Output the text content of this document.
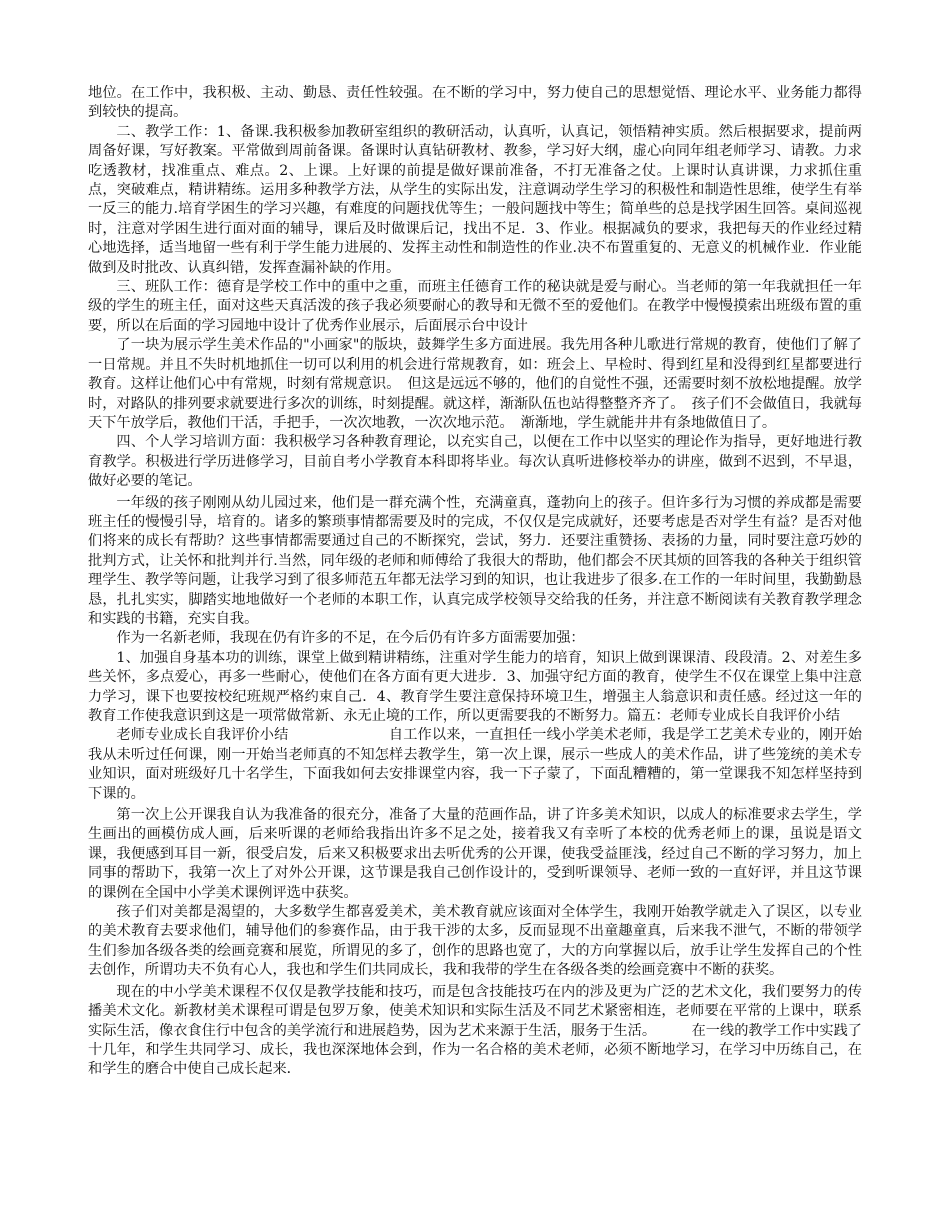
地位。在工作中，我积极、主动、勤恳、责任性较强。在不断的学习中，努力使自己的思想觉悟、理论水平、业务能力都得到较快的提高。

二、教学工作：1、备课.我积极参加教研室组织的教研活动，认真听，认真记，领悟精神实质。然后根据要求，提前两周备好课，写好教案。平常做到周前备课。备课时认真钻研教材、教参，学习好大纲，虚心向同年组老师学习、请教。力求吃透教材，找准重点、难点。2、上课。上好课的前提是做好课前准备，不打无准备之仗。上课时认真讲课，力求抓住重点，突破难点，精讲精练。运用多种教学方法，从学生的实际出发，注意调动学生学习的积极性和制造性思维，使学生有举一反三的能力.培育学困生的学习兴趣，有难度的问题找优等生；一般问题找中等生；简单些的总是找学困生回答。桌间巡视时，注意对学困生进行面对面的辅导，课后及时做课后记，找出不足．3、作业。根据减负的要求，我把每天的作业经过精心地选择，适当地留一些有利于学生能力进展的、发挥主动性和制造性的作业.决不布置重复的、无意义的机械作业．作业能做到及时批改、认真纠错，发挥查漏补缺的作用。

三、班队工作：德育是学校工作中的重中之重，而班主任德育工作的秘诀就是爱与耐心。当老师的第一年我就担任一年级的学生的班主任，面对这些天真活泼的孩子我必须要耐心的教导和无微不至的爱他们。在教学中慢慢摸索出班级布置的重要，所以在后面的学习园地中设计了优秀作业展示，后面展示台中设计

了一块为展示学生美术作品的"小画家"的版块，鼓舞学生多方面进展。我先用各种儿歌进行常规的教育，使他们了解了一日常规。并且不失时机地抓住一切可以利用的机会进行常规教育，如：班会上、早检时、得到红星和没得到红星都要进行教育。这样让他们心中有常规，时刻有常规意识。　但这是远远不够的，他们的自觉性不强，还需要时刻不放松地提醒。放学时，对路队的排列要求就要进行多次的训练，时刻提醒。就这样，渐渐队伍也站得整整齐齐了。　孩子们不会做值日，我就每天下午放学后，教他们干活，手把手，一次次地教，一次次地示范。　渐渐地，学生就能井井有条地做值日了。

四、个人学习培训方面：我积极学习各种教育理论，以充实自己，以便在工作中以坚实的理论作为指导，更好地进行教育教学。积极进行学历进修学习，目前自考小学教育本科即将毕业。每次认真听进修校举办的讲座，做到不迟到，不早退，做好必要的笔记。

一年级的孩子刚刚从幼儿园过来，他们是一群充满个性，充满童真，蓬勃向上的孩子。但许多行为习惯的养成都是需要班主任的慢慢引导，培育的。诸多的繁琐事情都需要及时的完成，不仅仅是完成就好，还要考虑是否对学生有益？是否对他们将来的成长有帮助？这些事情都需要通过自己的不断探究，尝试，努力．还要注重赞扬、表扬的力量，同时要注意巧妙的批判方式，让关怀和批判并行.当然，同年级的老师和师傅给了我很大的帮助，他们都会不厌其烦的回答我的各种关于组织管理学生、教学等问题，让我学习到了很多师范五年都无法学习到的知识，也让我进步了很多.在工作的一年时间里，我勤勤恳恳，扎扎实实，脚踏实地地做好一个老师的本职工作，认真完成学校领导交给我的任务，并注意不断阅读有关教育教学理念和实践的书籍，充实自我。

作为一名新老师，我现在仍有许多的不足，在今后仍有许多方面需要加强：

1、加强自身基本功的训练，课堂上做到精讲精练，注重对学生能力的培育，知识上做到课课清、段段清。2、对差生多些关怀，多点爱心，再多一些耐心，使他们在各方面有更大进步．3、加强守纪方面的教育，使学生不仅在课堂上集中注意力学习，课下也要按校纪班规严格约束自己．4、教育学生要注意保持环境卫生，增强主人翁意识和责任感。经过这一年的教育工作使我意识到这是一项常做常新、永无止境的工作，所以更需要我的不断努力。篇五：老师专业成长自我评价小结

老师专业成长自我评价小结　　　　　　　自工作以来，一直担任一线小学美术老师，我是学工艺美术专业的，刚开始我从未听过任何课，刚一开始当老师真的不知怎样去教学生，第一次上课，展示一些成人的美术作品，讲了些笼统的美术专业知识，面对班级好几十名学生，下面我如何去安排课堂内容，我一下子蒙了，下面乱糟糟的，第一堂课我不知怎样坚持到下课的。

第一次上公开课我自认为我准备的很充分，准备了大量的范画作品，讲了许多美术知识，以成人的标准要求去学生，学生画出的画模仿成人画，后来听课的老师给我指出许多不足之处，接着我又有幸听了本校的优秀老师上的课，虽说是语文课，我便感到耳目一新，很受启发，后来又积极要求出去听优秀的公开课，使我受益匪浅，经过自己不断的学习努力，加上同事的帮助下，我第一次上了对外公开课，这节课是我自己创作设计的，受到听课领导、老师一致的一直好评，并且这节课的课例在全国中小学美术课例评选中获奖。

孩子们对美都是渴望的，大多数学生都喜爱美术，美术教育就应该面对全体学生，我刚开始教学就走入了误区，以专业的美术教育去要求他们，辅导他们的参赛作品，由于我干涉的太多，反而显现不出童趣童真，后来我不泄气，不断的带领学生们参加各级各类的绘画竞赛和展览，所谓见的多了，创作的思路也宽了，大的方向掌握以后，放手让学生发挥自己的个性去创作，所谓功夫不负有心人，我也和学生们共同成长，我和我带的学生在各级各类的绘画竞赛中不断的获奖。

现在的中小学美术课程不仅仅是教学技能和技巧，而是包含技能技巧在内的涉及更为广泛的艺术文化，我们要努力的传播美术文化。新教材美术课程可谓是包罗万象，使美术知识和实际生活及不同艺术紧密相连，老师要在平常的上课中，联系实际生活，像衣食住行中包含的美学流行和进展趋势，因为艺术来源于生活，服务于生活。　　　在一线的教学工作中实践了十几年，和学生共同学习、成长，我也深深地体会到，作为一名合格的美术老师，必须不断地学习，在学习中历练自己，在和学生的磨合中使自己成长起来．
